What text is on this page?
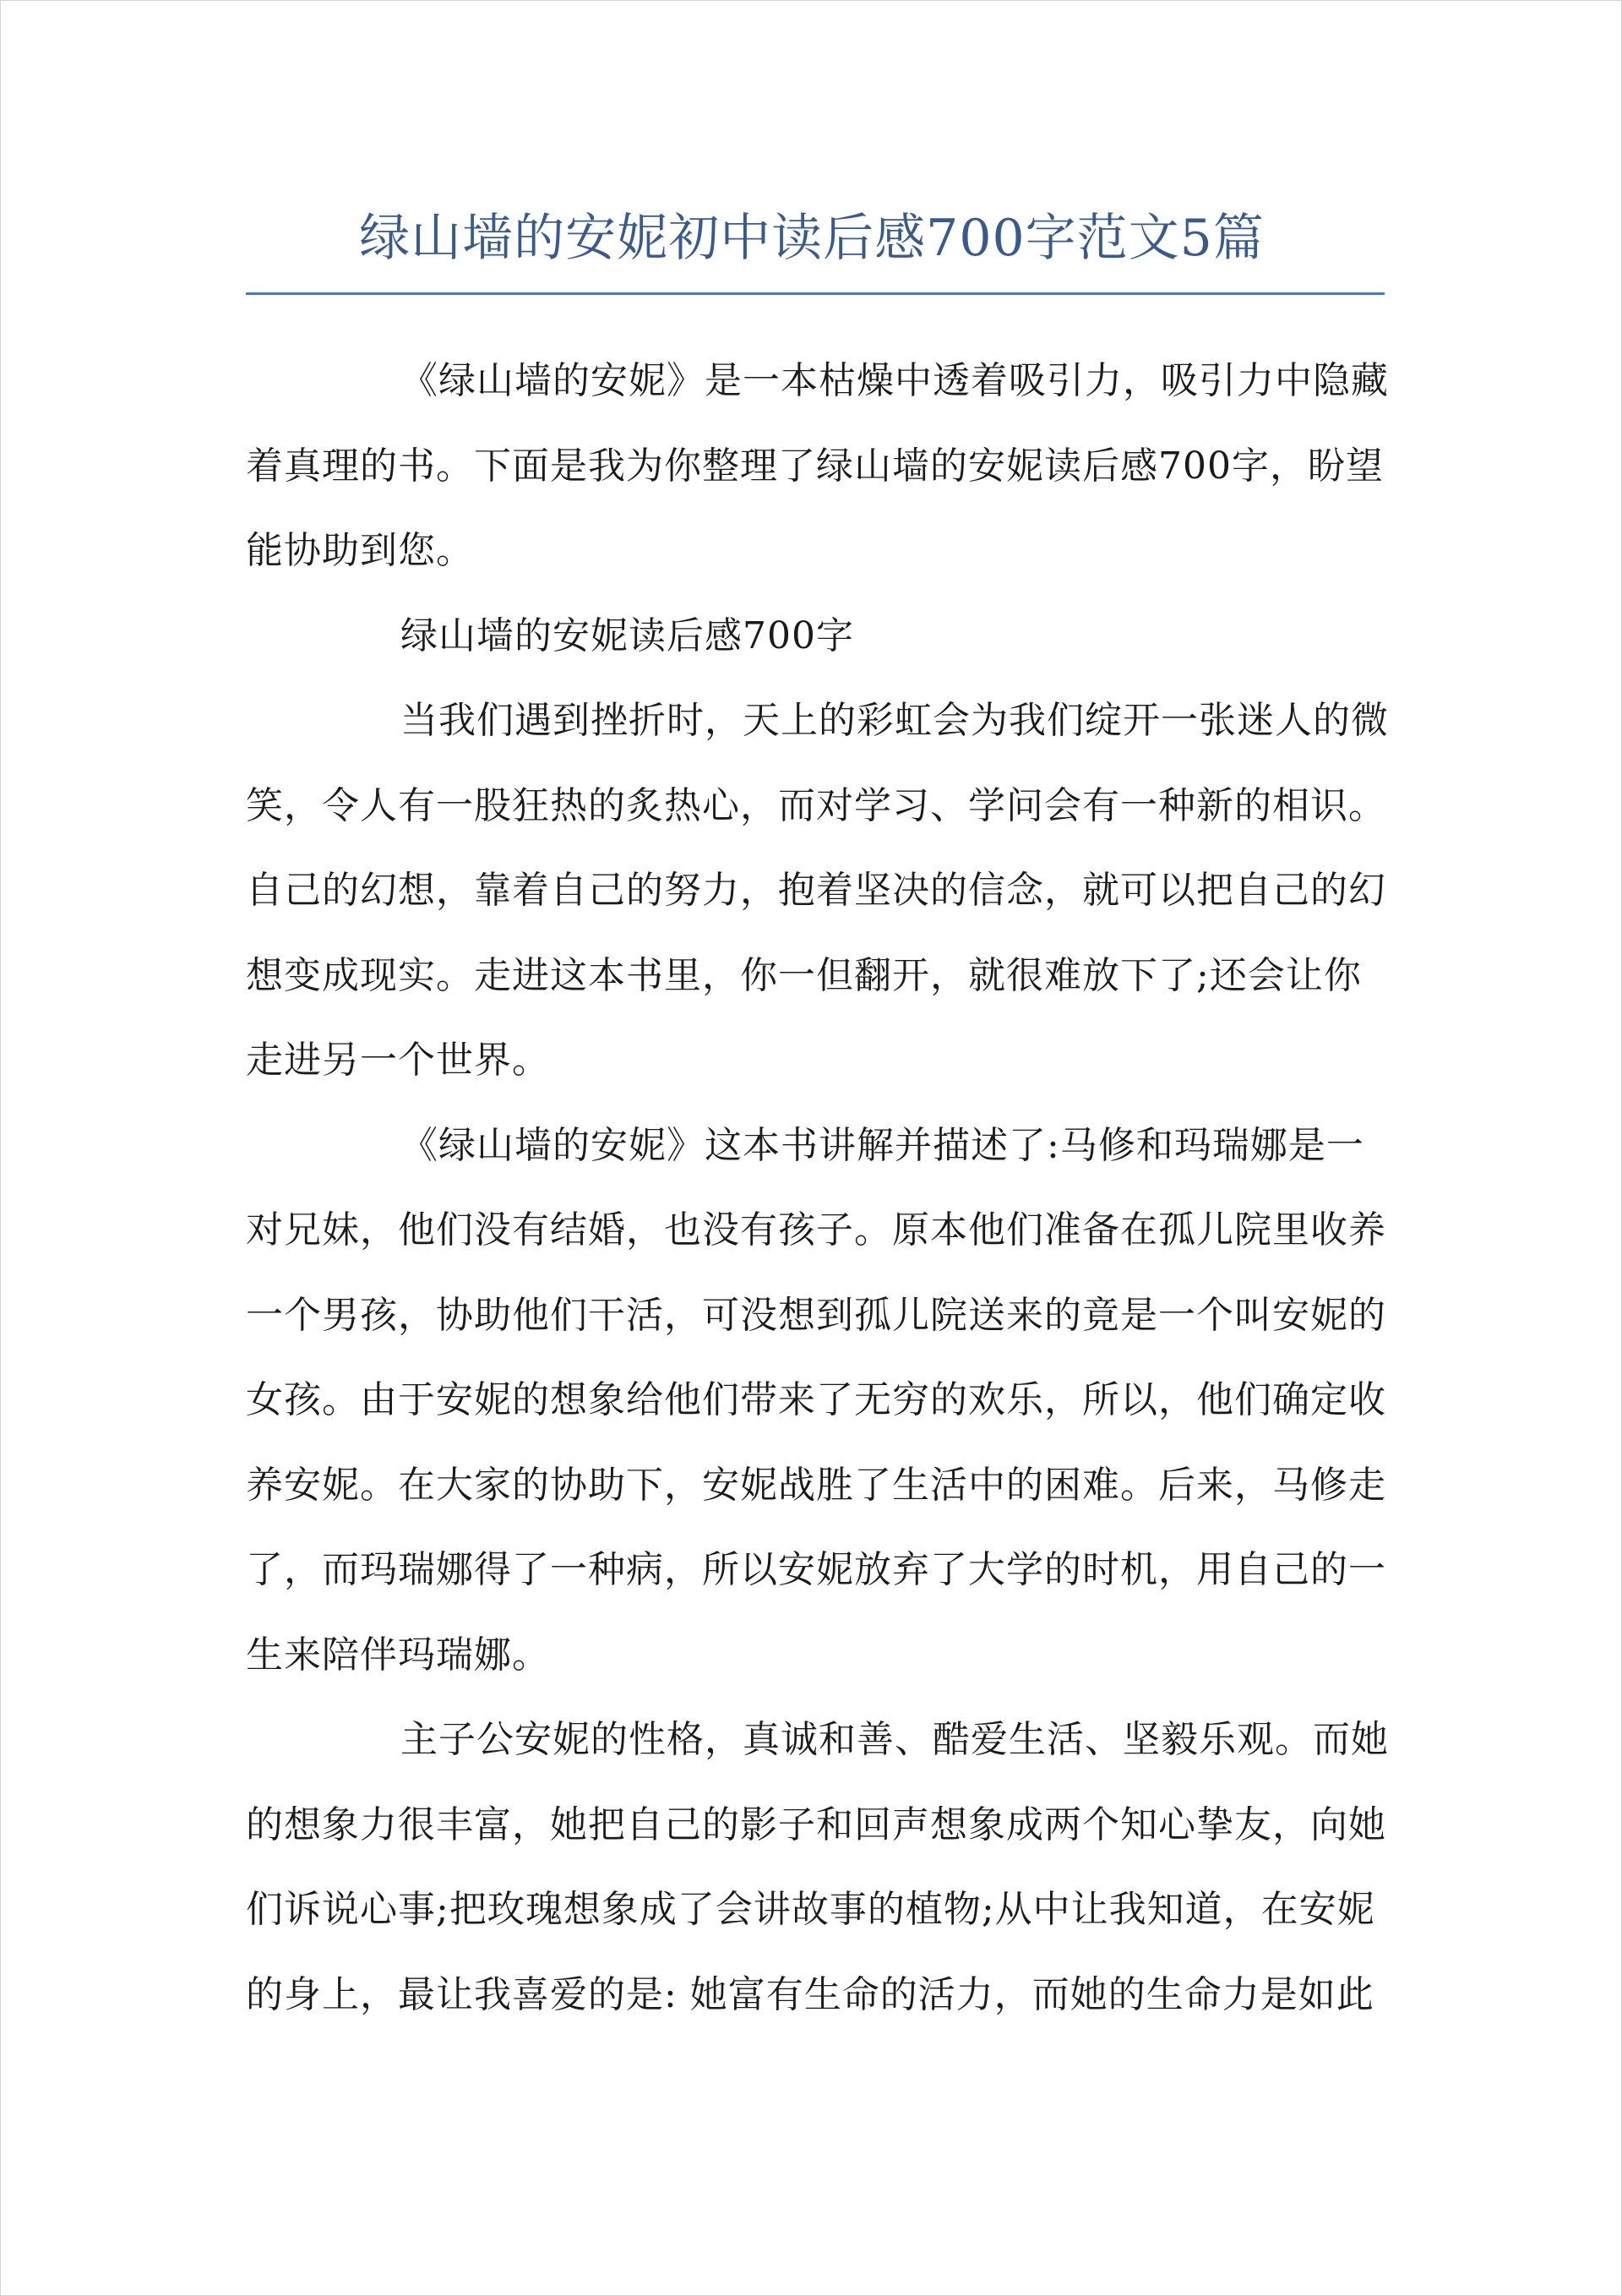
绿山墙的安妮初中读后感700字范文5篇
《绿山墙的安妮》是一本枯燥中透着吸引力，吸引力中隐藏
着真理的书。下面是我为你整理了绿山墙的安妮读后感700字，盼望
能协助到您。
绿山墙的安妮读后感700字
当我们遇到挫折时，天上的彩虹会为我们绽开一张迷人的微
笑，令人有一股狂热的炙热心，而对学习、学问会有一种新的相识。
自己的幻想，靠着自己的努力，抱着坚决的信念，就可以把自己的幻
想变成现实。走进这本书里，你一但翻开，就很难放下了;还会让你
走进另一个世界。
《绿山墙的安妮》这本书讲解并描述了:马修和玛瑞娜是一
对兄妹，他们没有结婚，也没有孩子。原本他们准备在孤儿院里收养
一个男孩，协助他们干活，可没想到孤儿院送来的竟是一个叫安妮的
女孩。由于安妮的想象给他们带来了无穷的欢乐，所以，他们确定收
养安妮。在大家的协助下，安妮战胜了生活中的困难。后来，马修走
了，而玛瑞娜得了一种病，所以安妮放弃了大学的时机，用自己的一
生来陪伴玛瑞娜。
主子公安妮的性格，真诚和善、酷爱生活、坚毅乐观。而她
的想象力很丰富，她把自己的影子和回声想象成两个知心挚友，向她
们诉说心事;把玫瑰想象成了会讲故事的植物;从中让我知道，在安妮
的身上，最让我喜爱的是: 她富有生命的活力，而她的生命力是如此
